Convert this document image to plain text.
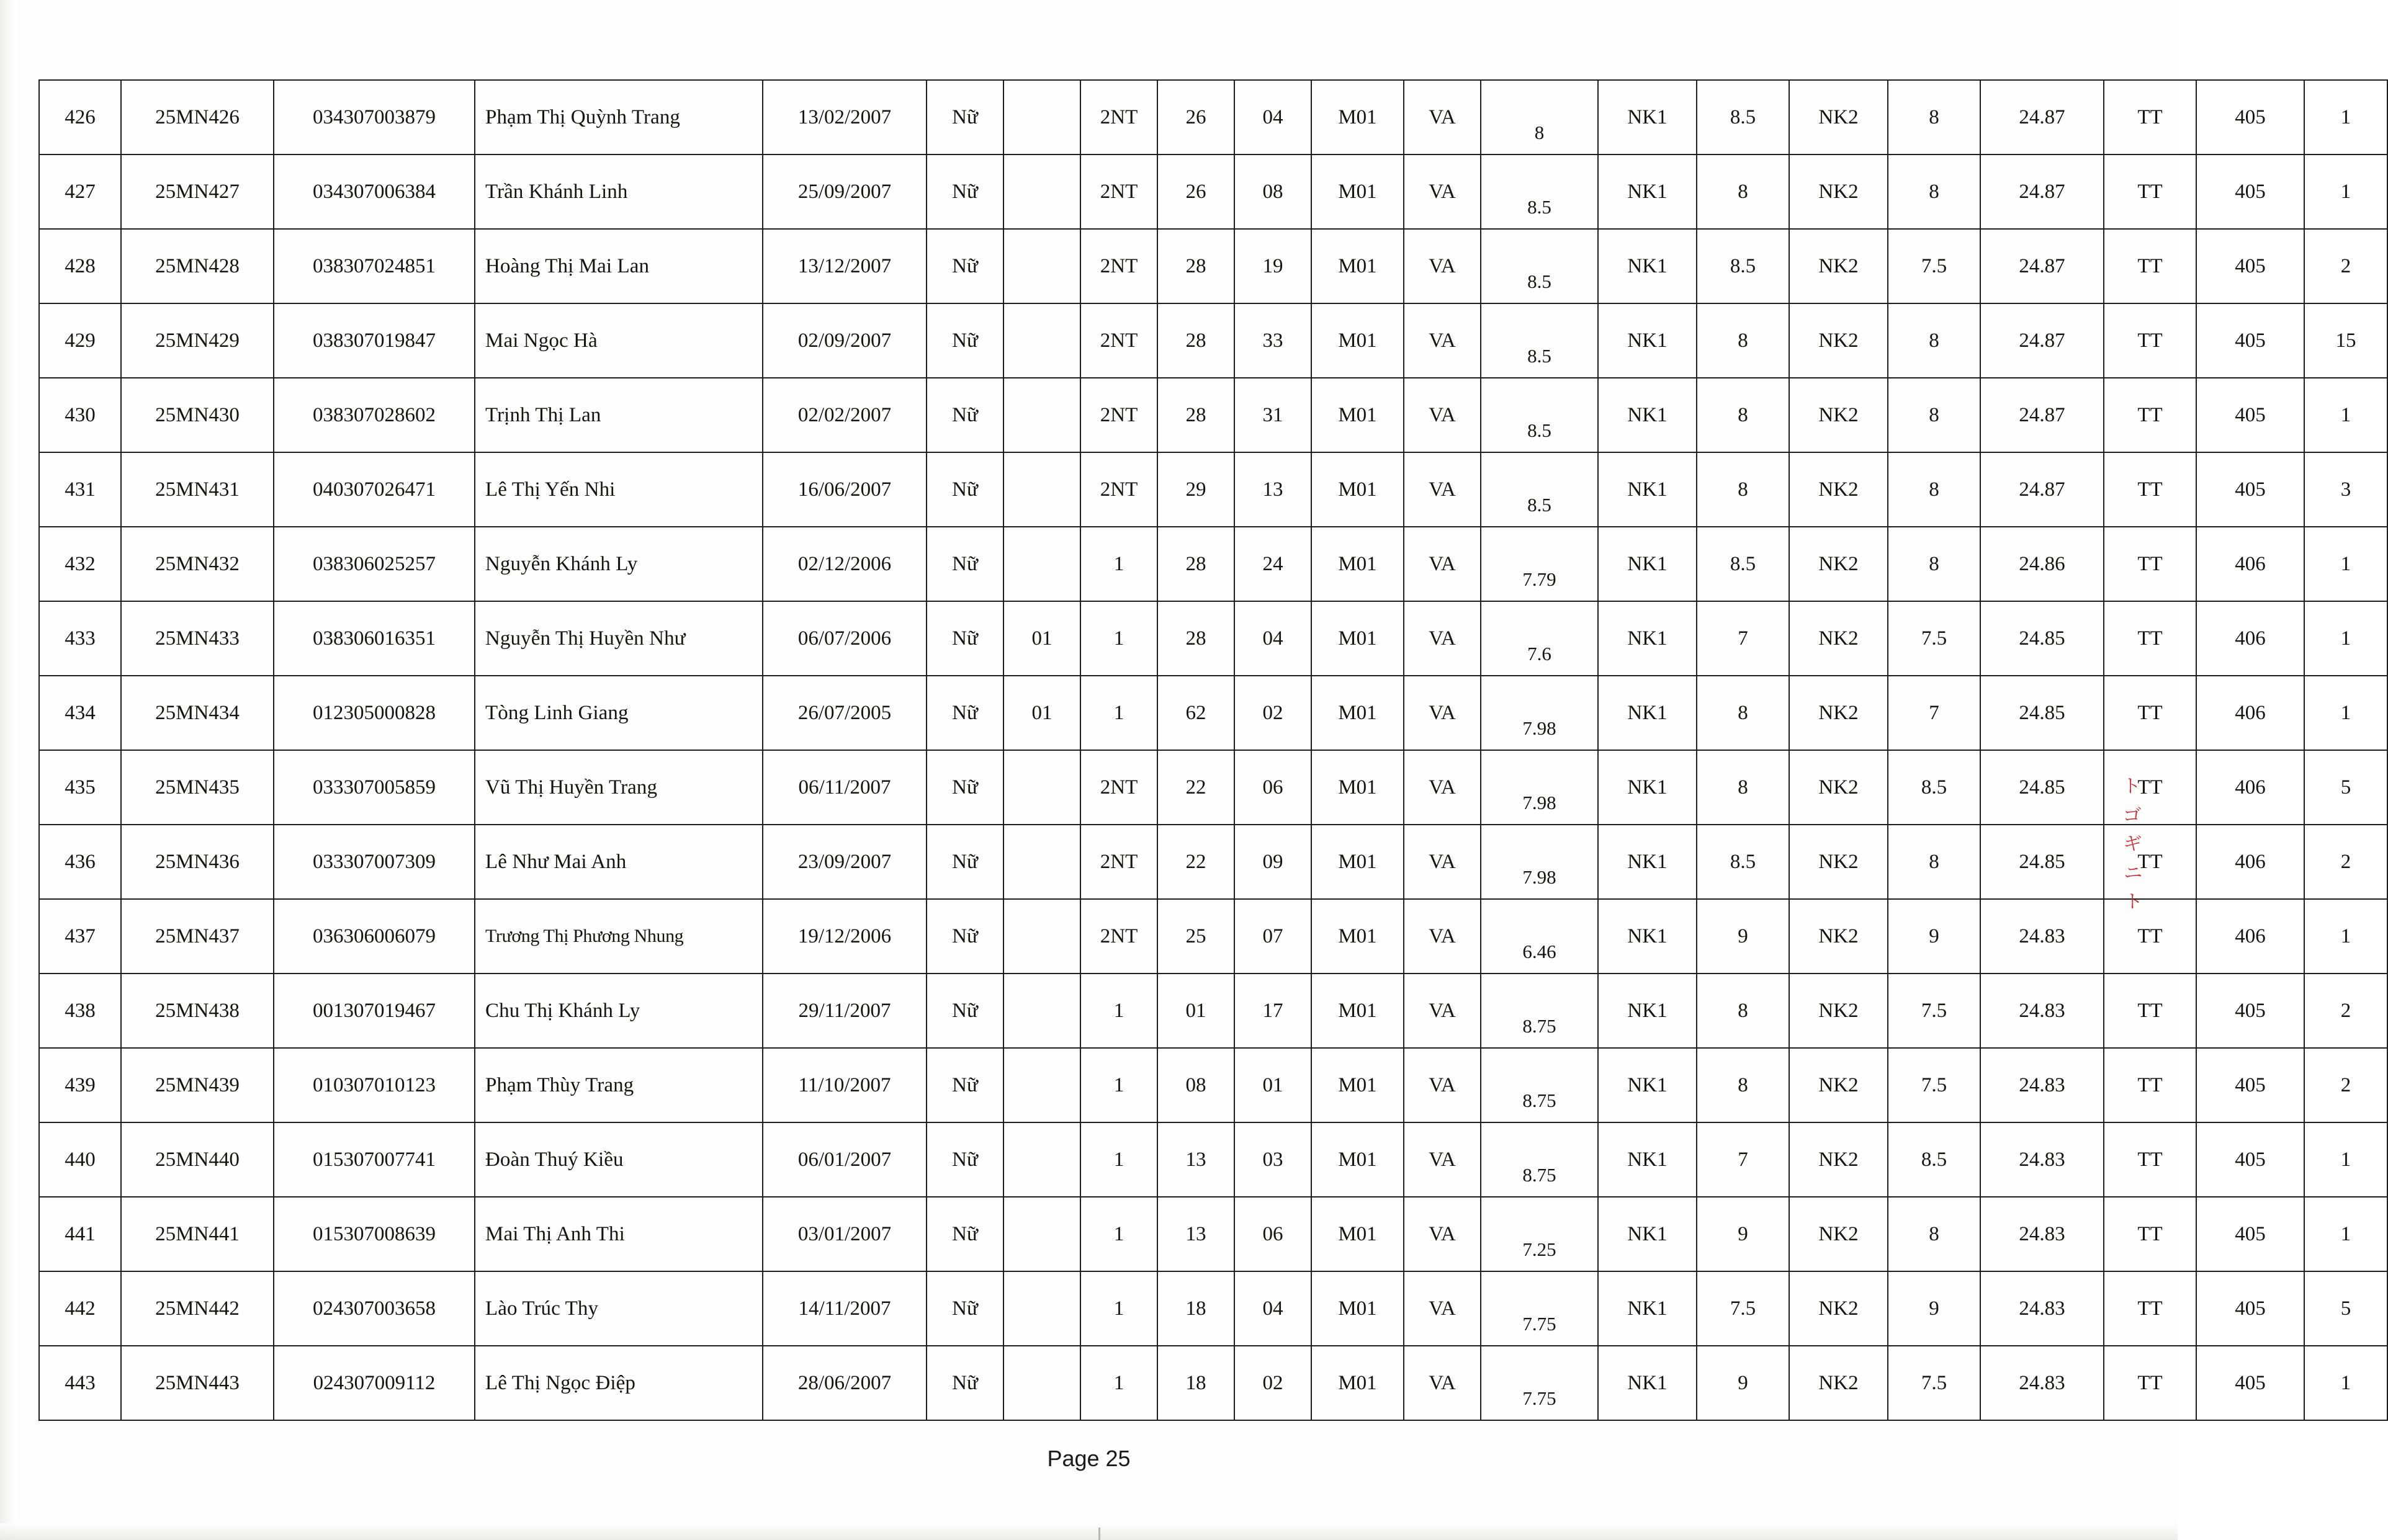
426	25MN426	034307003879	Phạm Thị Quỳnh Trang	13/02/2007	Nữ		2NT	26	04	M01	VA	8	NK1	8.5	NK2	8	24.87	TT	405	1
427	25MN427	034307006384	Trần Khánh Linh	25/09/2007	Nữ		2NT	26	08	M01	VA	8.5	NK1	8	NK2	8	24.87	TT	405	1
428	25MN428	038307024851	Hoàng Thị Mai Lan	13/12/2007	Nữ		2NT	28	19	M01	VA	8.5	NK1	8.5	NK2	7.5	24.87	TT	405	2
429	25MN429	038307019847	Mai Ngọc Hà	02/09/2007	Nữ		2NT	28	33	M01	VA	8.5	NK1	8	NK2	8	24.87	TT	405	15
430	25MN430	038307028602	Trịnh Thị Lan	02/02/2007	Nữ		2NT	28	31	M01	VA	8.5	NK1	8	NK2	8	24.87	TT	405	1
431	25MN431	040307026471	Lê Thị Yến Nhi	16/06/2007	Nữ		2NT	29	13	M01	VA	8.5	NK1	8	NK2	8	24.87	TT	405	3
432	25MN432	038306025257	Nguyễn Khánh Ly	02/12/2006	Nữ		1	28	24	M01	VA	7.79	NK1	8.5	NK2	8	24.86	TT	406	1
433	25MN433	038306016351	Nguyễn Thị Huyền Như	06/07/2006	Nữ	01	1	28	04	M01	VA	7.6	NK1	7	NK2	7.5	24.85	TT	406	1
434	25MN434	012305000828	Tòng Linh Giang	26/07/2005	Nữ	01	1	62	02	M01	VA	7.98	NK1	8	NK2	7	24.85	TT	406	1
435	25MN435	033307005859	Vũ Thị Huyền Trang	06/11/2007	Nữ		2NT	22	06	M01	VA	7.98	NK1	8	NK2	8.5	24.85	TT	406	5
436	25MN436	033307007309	Lê Như Mai Anh	23/09/2007	Nữ		2NT	22	09	M01	VA	7.98	NK1	8.5	NK2	8	24.85	TT	406	2
437	25MN437	036306006079	Trương Thị Phương Nhung	19/12/2006	Nữ		2NT	25	07	M01	VA	6.46	NK1	9	NK2	9	24.83	TT	406	1
438	25MN438	001307019467	Chu Thị Khánh Ly	29/11/2007	Nữ		1	01	17	M01	VA	8.75	NK1	8	NK2	7.5	24.83	TT	405	2
439	25MN439	010307010123	Phạm Thùy Trang	11/10/2007	Nữ		1	08	01	M01	VA	8.75	NK1	8	NK2	7.5	24.83	TT	405	2
440	25MN440	015307007741	Đoàn Thuý Kiều	06/01/2007	Nữ		1	13	03	M01	VA	8.75	NK1	7	NK2	8.5	24.83	TT	405	1
441	25MN441	015307008639	Mai Thị Anh Thi	03/01/2007	Nữ		1	13	06	M01	VA	7.25	NK1	9	NK2	8	24.83	TT	405	1
442	25MN442	024307003658	Lào Trúc Thy	14/11/2007	Nữ		1	18	04	M01	VA	7.75	NK1	7.5	NK2	9	24.83	TT	405	5
443	25MN443	024307009112	Lê Thị Ngọc Điệp	28/06/2007	Nữ		1	18	02	M01	VA	7.75	NK1	9	NK2	7.5	24.83	TT	405	1
ト
ゴ
ギ
ニ
ト
Page 25
